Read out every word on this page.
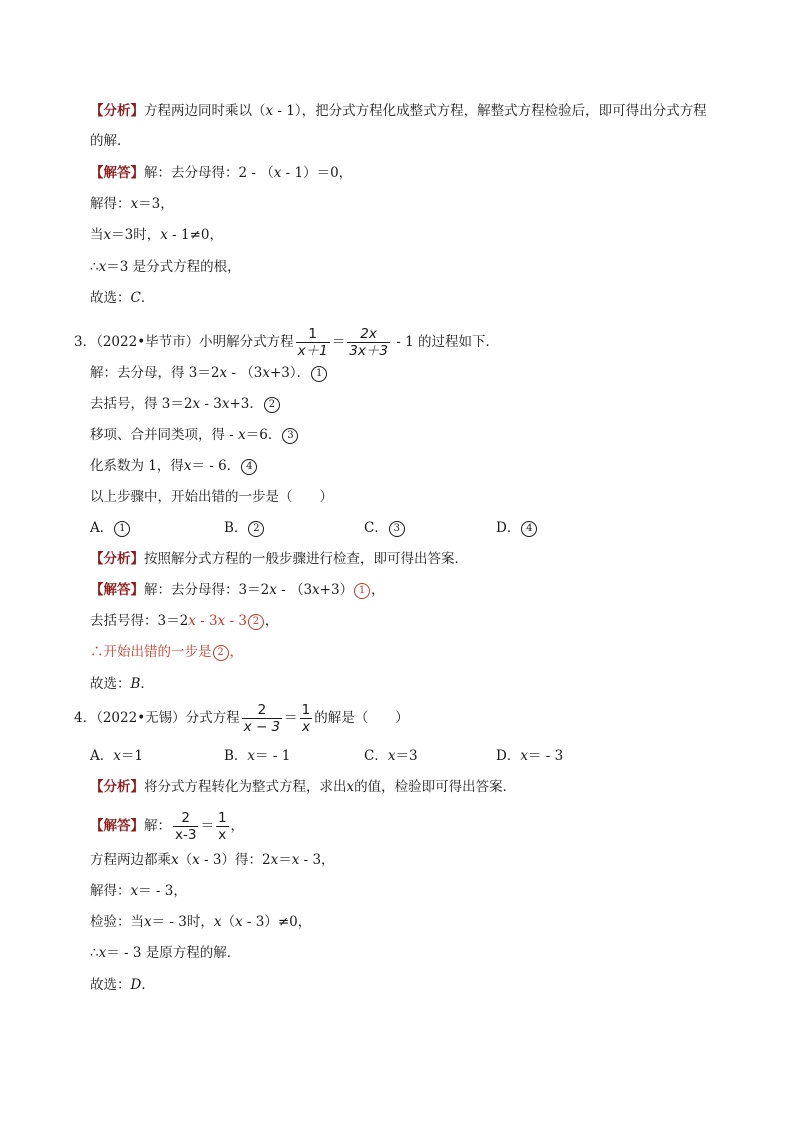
【分析】方程两边同时乘以（x - 1），把分式方程化成整式方程，解整式方程检验后，即可得出分式方程
的解．
【解答】解：去分母得：2 - （x - 1）＝0，
解得：x＝3，
当x＝3时，x - 1≠0，
∴x＝3 是分式方程的根，
故选：C．
3．（2022•毕节市）小明解分式方程 $\frac{1}{x+1} = \frac{2x}{3x+3} - 1$ 的过程如下．
解：去分母，得 3＝2x - （3x+3）． 1
去括号，得 3＝2x - 3x+3． 2
移项、合并同类项，得 - x＝6． 3
化系数为 1，得x＝ - 6． 4
以上步骤中，开始出错的一步是（　　）
A． 1	B． 2	C． 3	D． 4
【分析】按照解分式方程的一般步骤进行检查，即可得出答案．
【解答】解：去分母得：3＝2x - （3x+3） 1 ，
去括号得：3＝2x - 3x - 3 2 ，
∴开始出错的一步是 2 ，
故选：B．
4．（2022•无锡）分式方程 $\frac{2}{x - 3} = \frac{1}{x}$ 的解是（　　）
A．x＝1	B．x＝ - 1	C．x＝3	D．x＝ - 3
【分析】将分式方程转化为整式方程，求出x的值，检验即可得出答案．
【解答】解： $\frac{2}{x-3} = \frac{1}{x}$ ，
方程两边都乘x（x - 3）得：2x＝x - 3，
解得：x＝ - 3，
检验：当x＝ - 3时，x（x - 3）≠0，
∴x＝ - 3 是原方程的解．
故选：D．
